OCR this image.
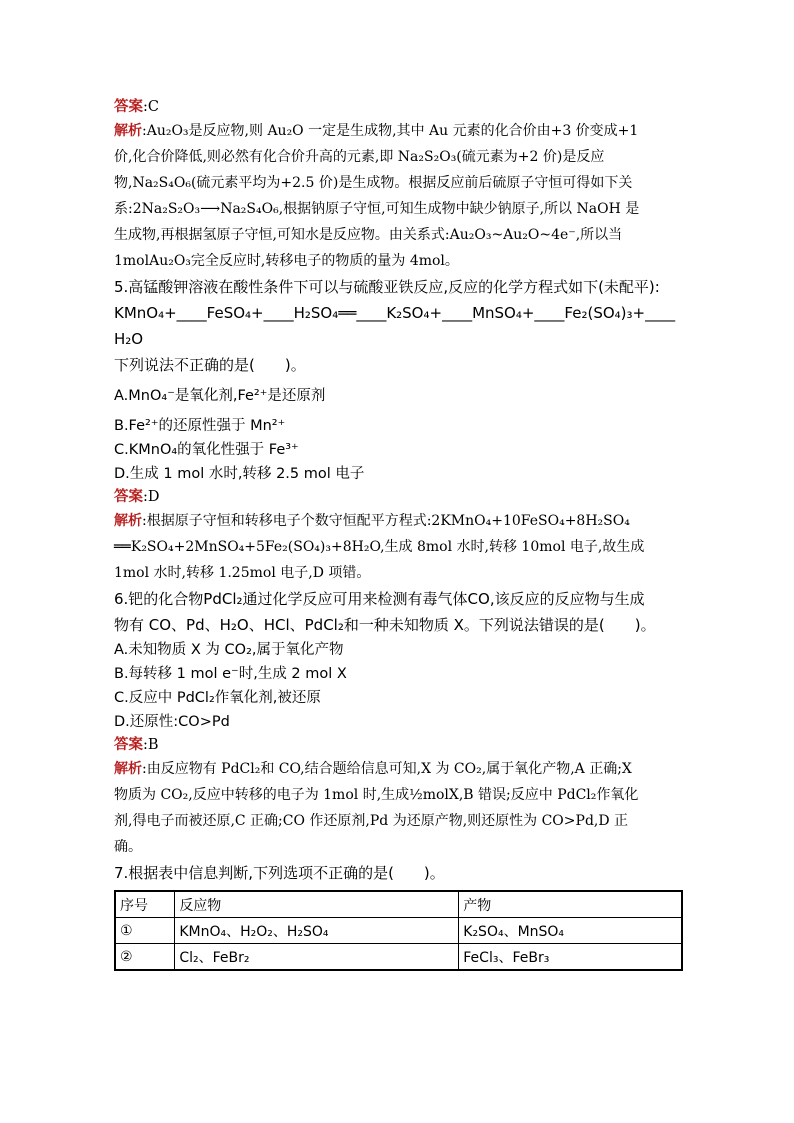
答案:C

解析:Au₂O₃是反应物,则 Au₂O 一定是生成物,其中 Au 元素的化合价由+3 价变成+1

价,化合价降低,则必然有化合价升高的元素,即 Na₂S₂O₃(硫元素为+2 价)是反应

物,Na₂S₄O₆(硫元素平均为+2.5 价)是生成物。根据反应前后硫原子守恒可得如下关

系:2Na₂S₂O₃⟶Na₂S₄O₆,根据钠原子守恒,可知生成物中缺少钠原子,所以 NaOH 是

生成物,再根据氢原子守恒,可知水是反应物。由关系式:Au₂O₃~Au₂O~4e⁻,所以当

1molAu₂O₃完全反应时,转移电子的物质的量为 4mol。

5.高锰酸钾溶液在酸性条件下可以与硫酸亚铁反应,反应的化学方程式如下(未配平):

KMnO₄+____FeSO₄+____H₂SO₄══____K₂SO₄+____MnSO₄+____Fe₂(SO₄)₃+____

H₂O

下列说法不正确的是(　　)。

A.MnO₄⁻是氧化剂,Fe²⁺是还原剂

B.Fe²⁺的还原性强于 Mn²⁺

C.KMnO₄的氧化性强于 Fe³⁺

D.生成 1 mol 水时,转移 2.5 mol 电子

答案:D

解析:根据原子守恒和转移电子个数守恒配平方程式:2KMnO₄+10FeSO₄+8H₂SO₄

══K₂SO₄+2MnSO₄+5Fe₂(SO₄)₃+8H₂O,生成 8mol 水时,转移 10mol 电子,故生成

1mol 水时,转移 1.25mol 电子,D 项错。

6.钯的化合物PdCl₂通过化学反应可用来检测有毒气体CO,该反应的反应物与生成

物有 CO、Pd、H₂O、HCl、PdCl₂和一种未知物质 X。下列说法错误的是(　　)。

A.未知物质 X 为 CO₂,属于氧化产物

B.每转移 1 mol e⁻时,生成 2 mol X

C.反应中 PdCl₂作氧化剂,被还原

D.还原性:CO>Pd

答案:B

解析:由反应物有 PdCl₂和 CO,结合题给信息可知,X 为 CO₂,属于氧化产物,A 正确;X

物质为 CO₂,反应中转移的电子为 1mol 时,生成½molX,B 错误;反应中 PdCl₂作氧化

剂,得电子而被还原,C 正确;CO 作还原剂,Pd 为还原产物,则还原性为 CO>Pd,D 正

确。

7.根据表中信息判断,下列选项不正确的是(　　)。

序号	反应物	产物
①	KMnO₄、H₂O₂、H₂SO₄	K₂SO₄、MnSO₄
②	Cl₂、FeBr₂	FeCl₃、FeBr₃
